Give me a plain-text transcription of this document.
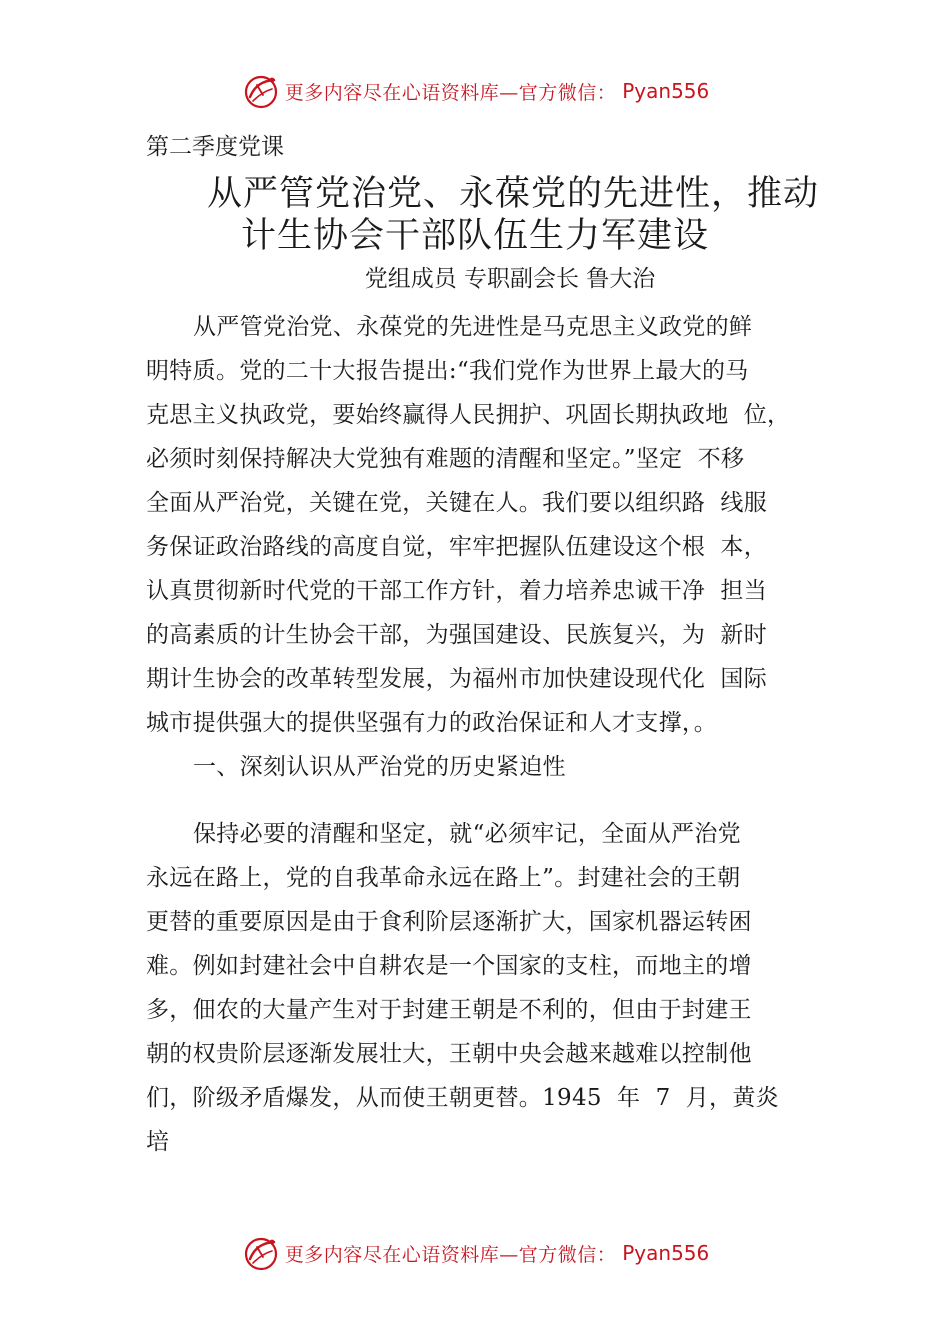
更多内容尽在心语资料库—官方微信： Pyan556
第二季度党课
从严管党治党、永葆党的先进性，推动
计生协会干部队伍生力军建设
党组成员 专职副会长 鲁大治
从严管党治党、永葆党的先进性是马克思主义政党的鲜
明特质。党的二十大报告提出:“我们党作为世界上最大的马
克思主义执政党，要始终赢得人民拥护、巩固长期执政地  位，
必须时刻保持解决大党独有难题的清醒和坚定。”坚定  不移
全面从严治党，关键在党，关键在人。我们要以组织路  线服
务保证政治路线的高度自觉，牢牢把握队伍建设这个根  本，
认真贯彻新时代党的干部工作方针，着力培养忠诚干净  担当
的高素质的计生协会干部，为强国建设、民族复兴，为  新时
期计生协会的改革转型发展，为福州市加快建设现代化  国际
城市提供强大的提供坚强有力的政治保证和人才支撑，。
一、深刻认识从严治党的历史紧迫性
保持必要的清醒和坚定，就“必须牢记，全面从严治党
永远在路上，党的自我革命永远在路上”。封建社会的王朝
更替的重要原因是由于食利阶层逐渐扩大，国家机器运转困
难。例如封建社会中自耕农是一个国家的支柱，而地主的增
多，佃农的大量产生对于封建王朝是不利的，但由于封建王
朝的权贵阶层逐渐发展壮大，王朝中央会越来越难以控制他
们，阶级矛盾爆发，从而使王朝更替。1945  年  7  月，黄炎
培
更多内容尽在心语资料库—官方微信： Pyan556
